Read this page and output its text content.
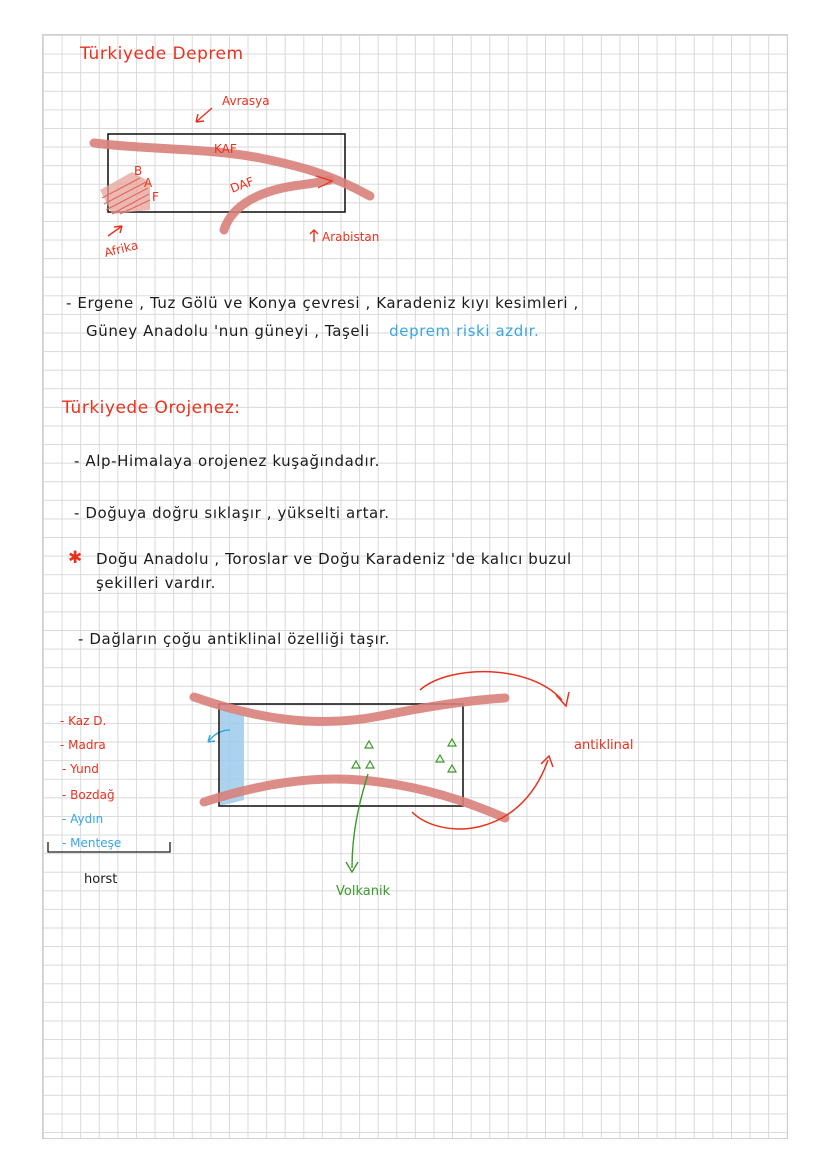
Türkiyede Deprem
Avrasya
KAF
DAF
B
A
F
Afrika
Arabistan
- Ergene , Tuz Gölü ve Konya çevresi , Karadeniz kıyı kesimleri ,
Güney Anadolu 'nun güneyi , Taşeli deprem riski azdır.
Türkiyede Orojenez:
- Alp-Himalaya orojenez kuşağındadır.
- Doğuya doğru sıklaşır , yükselti artar.
✱ Doğu Anadolu , Toroslar ve Doğu Karadeniz 'de kalıcı buzul
şekilleri vardır.
- Dağların çoğu antiklinal özelliği taşır.
antiklinal
Volkanik
- Kaz D.
- Madra
- Yund
- Bozdağ
- Aydın
- Menteşe
horst
